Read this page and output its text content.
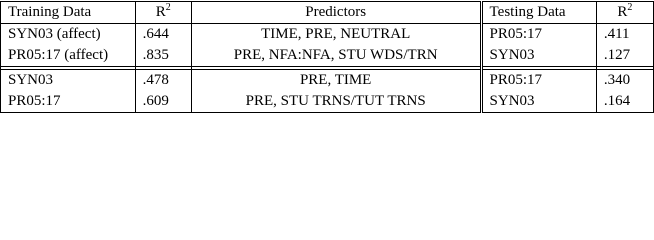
Training Data	$R^2$	Predictors	Testing Data	$R^2$
SYN03 (affect)	.644	TIME, PRE, NEUTRAL	PR05:17	.411
PR05:17 (affect)	.835	PRE, NFA:NFA, STU WDS/TRN	SYN03	.127

SYN03	.478	PRE, TIME	PR05:17	.340
PR05:17	.609	PRE, STU TRNS/TUT TRNS	SYN03	.164
